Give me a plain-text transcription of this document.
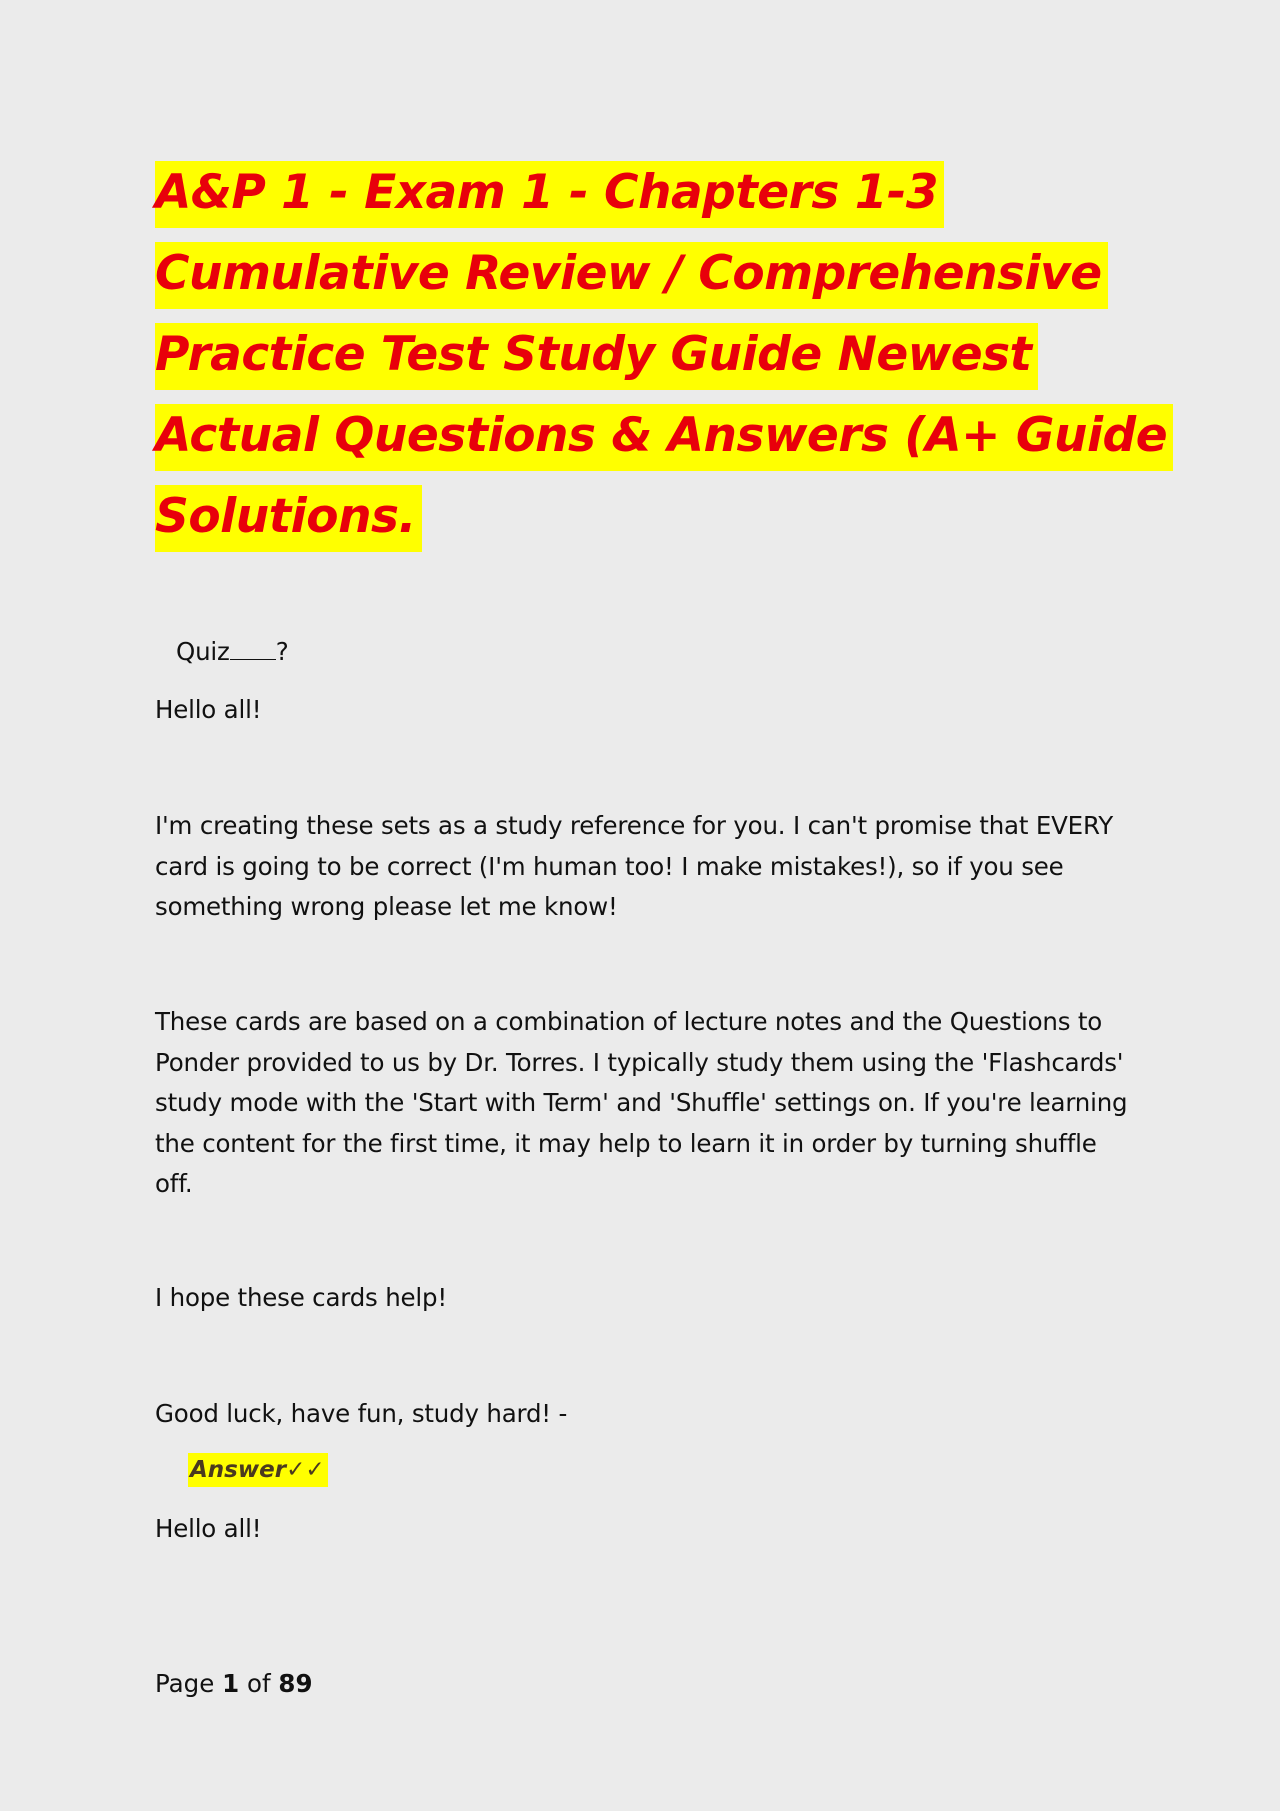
A&P 1 - Exam 1 - Chapters 1-3
Cumulative Review / Comprehensive
Practice Test Study Guide Newest
Actual Questions & Answers (A+ Guide
Solutions.

Quiz ?

Hello all!

I'm creating these sets as a study reference for you. I can't promise that EVERY
card is going to be correct (I'm human too! I make mistakes!), so if you see
something wrong please let me know!

These cards are based on a combination of lecture notes and the Questions to
Ponder provided to us by Dr. Torres. I typically study them using the 'Flashcards'
study mode with the 'Start with Term' and 'Shuffle' settings on. If you're learning
the content for the first time, it may help to learn it in order by turning shuffle
off.

I hope these cards help!

Good luck, have fun, study hard! -

Answer✓✓

Hello all!

Page 1 of 89
